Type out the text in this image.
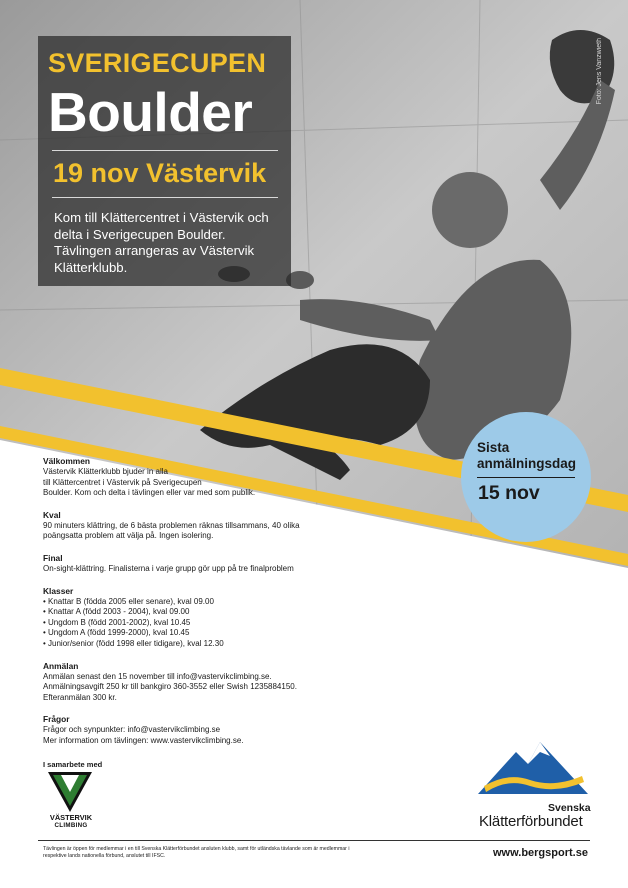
Foto: Jens Vanzwieth
SVERIGECUPEN
Boulder
19 nov Västervik
Kom till Klättercentret i Västervik och delta i Sverigecupen Boulder. Tävlingen arrangeras av Västervik Klätterklubb.
Sista
anmälningsdag
15 nov
Välkommen
Västervik Klätterklubb bjuder in alla
till Klättercentret i Västervik på Sverigecupen
Boulder. Kom och delta i tävlingen eller var med som publik.
Kval
90 minuters klättring, de 6 bästa problemen räknas tillsammans, 40 olika
poängsatta problem att välja på. Ingen isolering.
Final
On-sight-klättring. Finalisterna i varje grupp gör upp på tre finalproblem
Klasser
• Knattar B (födda 2005 eller senare), kval 09.00
• Knattar A (född 2003 - 2004), kval 09.00
• Ungdom B (född 2001-2002), kval 10.45
• Ungdom A (född 1999-2000), kval 10.45
• Junior/senior (född 1998 eller tidigare), kval 12.30
Anmälan
Anmälan senast den 15 november till info@vastervikclimbing.se.
Anmälningsavgift 250 kr till bankgiro 360-3552 eller Swish 1235884150.
Efteranmälan 300 kr.
Frågor
Frågor och synpunkter: info@vastervikclimbing.se
Mer information om tävlingen: www.vastervikclimbing.se.
I samarbete med
VÄSTERVIK
CLIMBING
Svenska
Klätterförbundet
Tävlingen är öppen för medlemmar i en till Svenska Klätterförbundet ansluten klubb, samt för utländska tävlande som är medlemmar i respektive lands nationella förbund, anslutet till IFSC.	www.bergsport.se
